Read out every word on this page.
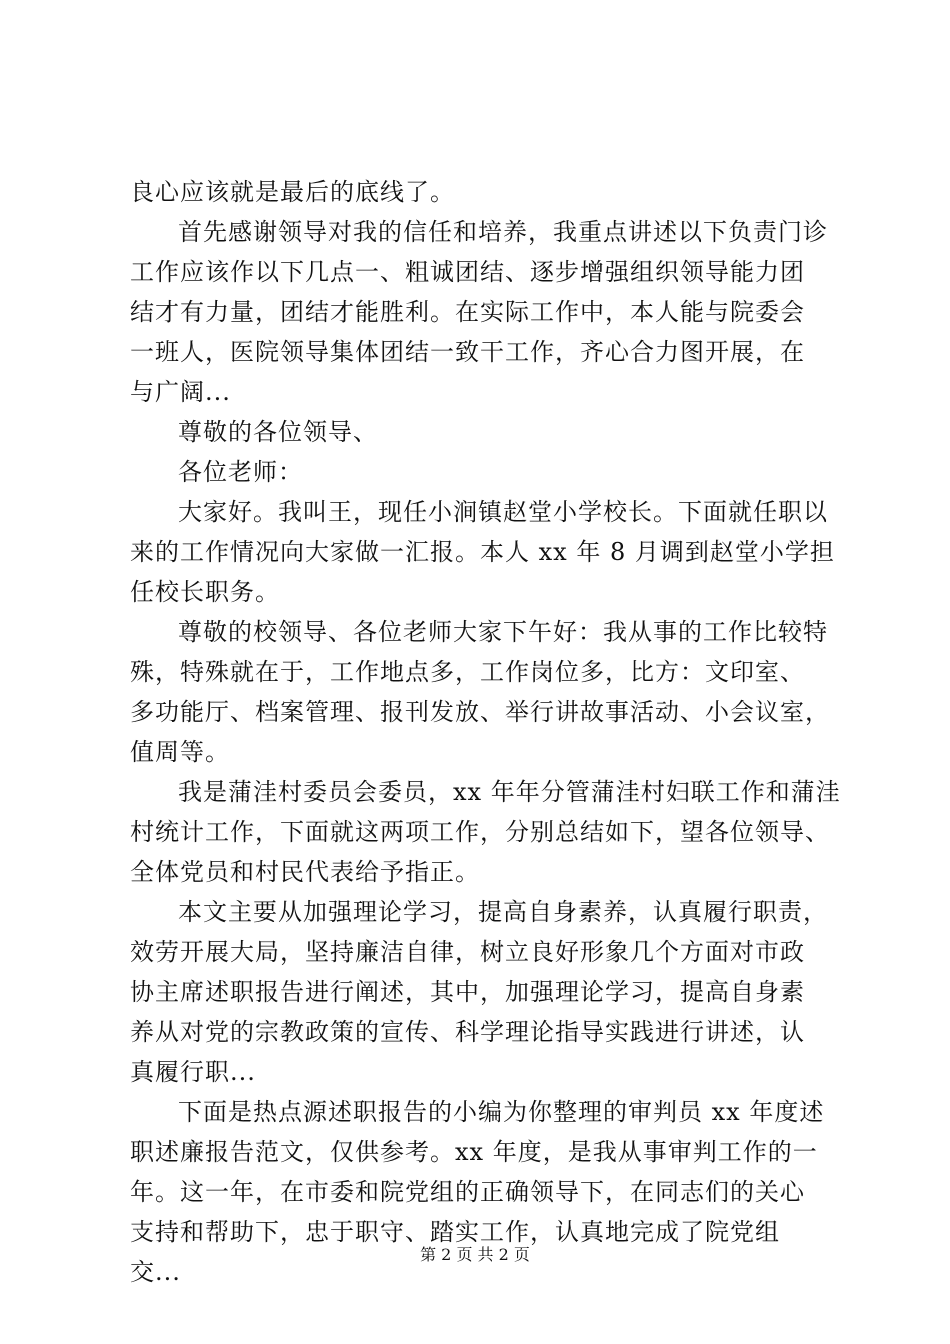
良心应该就是最后的底线了。
首先感谢领导对我的信任和培养，我重点讲述以下负责门诊
工作应该作以下几点一、粗诚团结、逐步增强组织领导能力团
结才有力量，团结才能胜利。在实际工作中，本人能与院委会
一班人，医院领导集体团结一致干工作，齐心合力图开展，在
与广阔...
尊敬的各位领导、
各位老师：
大家好。我叫王，现任小涧镇赵堂小学校长。下面就任职以
来的工作情况向大家做一汇报。本人 xx 年 8 月调到赵堂小学担
任校长职务。
尊敬的校领导、各位老师大家下午好：我从事的工作比较特
殊，特殊就在于，工作地点多，工作岗位多，比方：文印室、
多功能厅、档案管理、报刊发放、举行讲故事活动、小会议室，
值周等。
我是蒲洼村委员会委员，xx 年年分管蒲洼村妇联工作和蒲洼
村统计工作，下面就这两项工作，分别总结如下，望各位领导、
全体党员和村民代表给予指正。
本文主要从加强理论学习，提高自身素养，认真履行职责，
效劳开展大局，坚持廉洁自律，树立良好形象几个方面对市政
协主席述职报告进行阐述，其中，加强理论学习，提高自身素
养从对党的宗教政策的宣传、科学理论指导实践进行讲述，认
真履行职...
下面是热点源述职报告的小编为你整理的审判员 xx 年度述
职述廉报告范文，仅供参考。xx 年度，是我从事审判工作的一
年。这一年，在市委和院党组的正确领导下，在同志们的关心
支持和帮助下，忠于职守、踏实工作，认真地完成了院党组
交...
第 2 页 共 2 页
